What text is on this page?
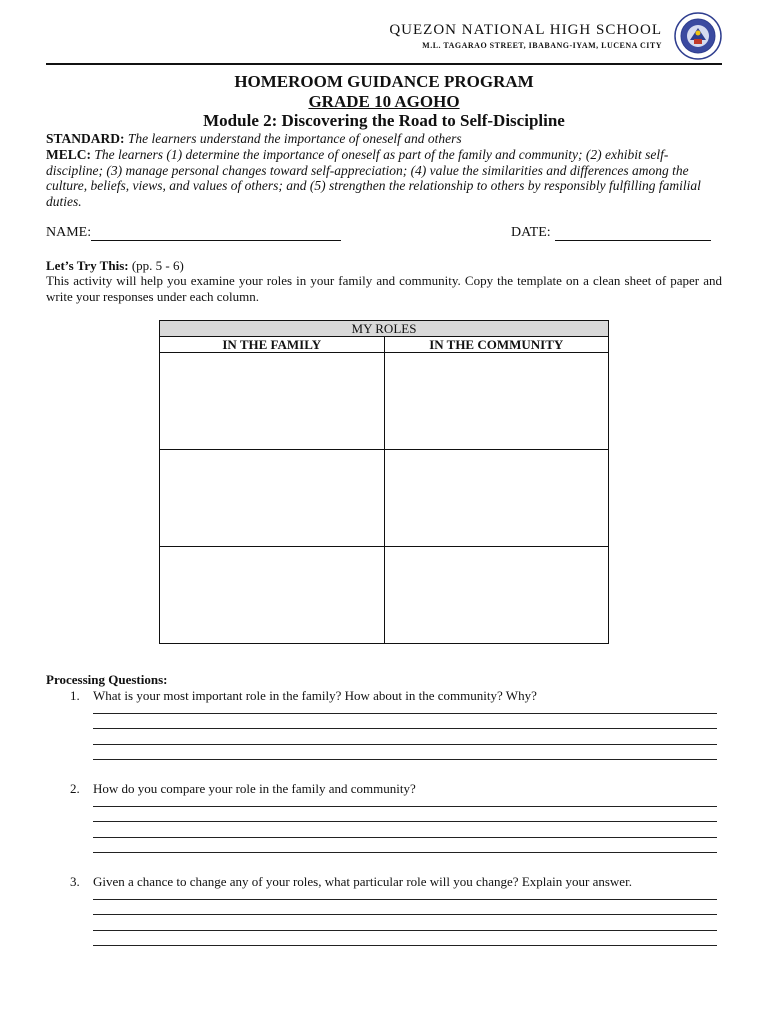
QUEZON NATIONAL HIGH SCHOOL
M.L. TAGARAO STREET, IBABANG-IYAM, LUCENA CITY
HOMEROOM GUIDANCE PROGRAM
GRADE 10 AGOHO
Module 2: Discovering the Road to Self-Discipline
STANDARD: The learners understand the importance of oneself and others
MELC: The learners (1) determine the importance of oneself as part of the family and community; (2) exhibit self-discipline; (3) manage personal changes toward self-appreciation; (4) value the similarities and differences among the culture, beliefs, views, and values of others; and (5) strengthen the relationship to others by responsibly fulfilling familial duties.
NAME:	DATE:
Let’s Try This: (pp. 5 - 6)
This activity will help you examine your roles in your family and community. Copy the template on a clean sheet of paper and write your responses under each column.
MY ROLES	
IN THE FAMILY	IN THE COMMUNITY

Processing Questions:
1. What is your most important role in the family? How about in the community? Why?
2. How do you compare your role in the family and community?
3. Given a chance to change any of your roles, what particular role will you change? Explain your answer.
